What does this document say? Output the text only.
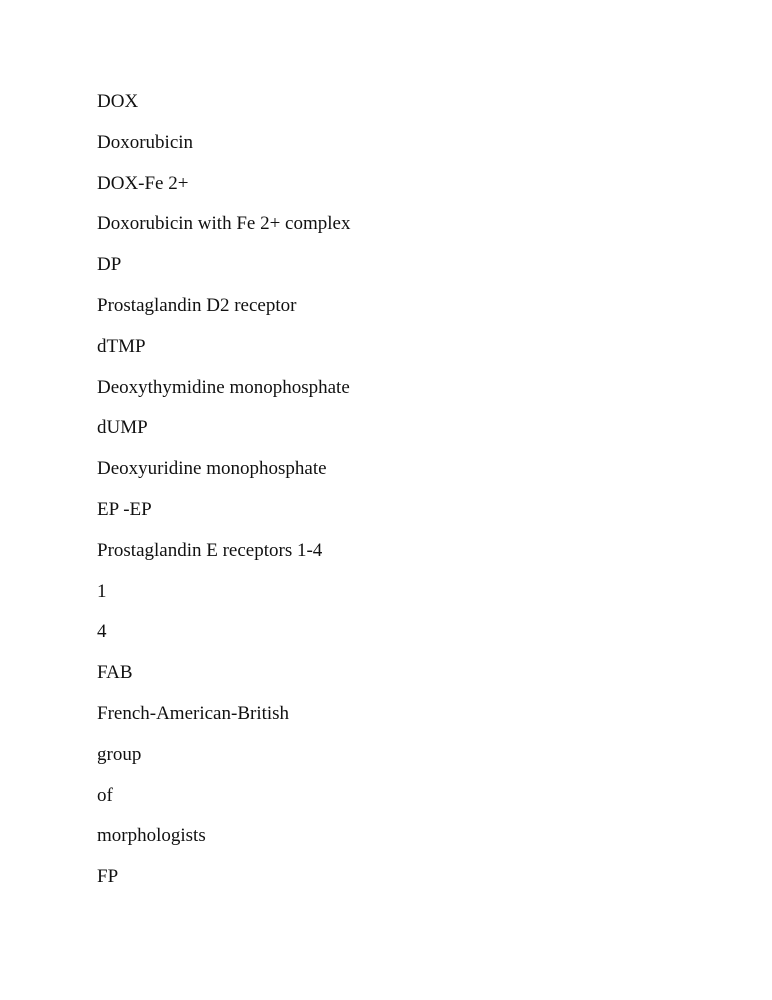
DOX
Doxorubicin
DOX-Fe 2+
Doxorubicin with Fe 2+ complex
DP
Prostaglandin D2 receptor
dTMP
Deoxythymidine monophosphate
dUMP
Deoxyuridine monophosphate
EP -EP
Prostaglandin E receptors 1-4
1
4
FAB
French-American-British
group
of
morphologists
FP
